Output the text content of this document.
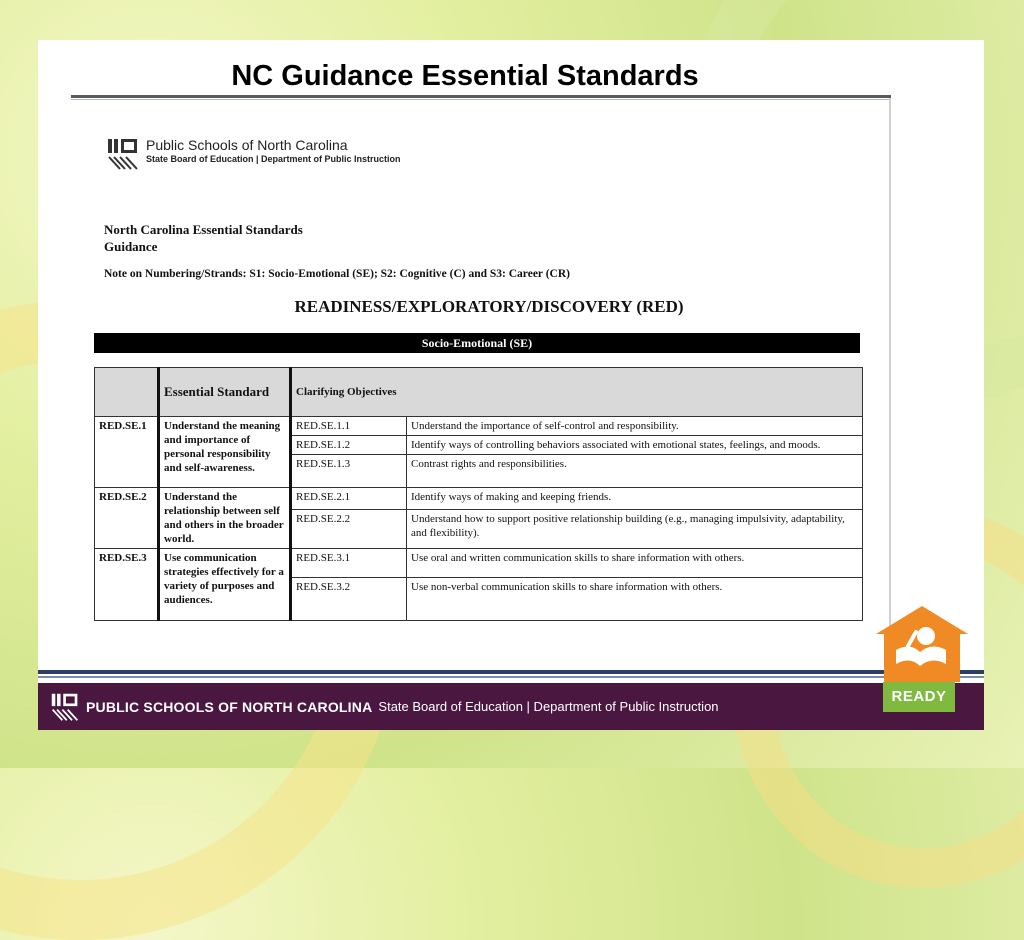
NC Guidance Essential Standards
Public Schools of North Carolina
State Board of Education | Department of Public Instruction
North Carolina Essential Standards
Guidance
Note on Numbering/Strands: S1: Socio-Emotional (SE); S2: Cognitive (C) and S3: Career (CR)
READINESS/EXPLORATORY/DISCOVERY (RED)
Socio-Emotional (SE)
	Essential Standard	Clarifying Objectives	
RED.SE.1	Understand the meaning and importance of personal responsibility and self-awareness.	RED.SE.1.1	Understand the importance of self-control and responsibility.
		RED.SE.1.2	Identify ways of controlling behaviors associated with emotional states, feelings, and moods.
		RED.SE.1.3	Contrast rights and responsibilities.
RED.SE.2	Understand the relationship between self and others in the broader world.	RED.SE.2.1	Identify ways of making and keeping friends.
		RED.SE.2.2	Understand how to support positive relationship building (e.g., managing impulsivity, adaptability, and flexibility).
RED.SE.3	Use communication strategies effectively for a variety of purposes and audiences.	RED.SE.3.1	Use oral and written communication skills to share information with others.
		RED.SE.3.2	Use non-verbal communication skills to share information with others.
PUBLIC SCHOOLS OF NORTH CAROLINA State Board of Education | Department of Public Instruction
READY
